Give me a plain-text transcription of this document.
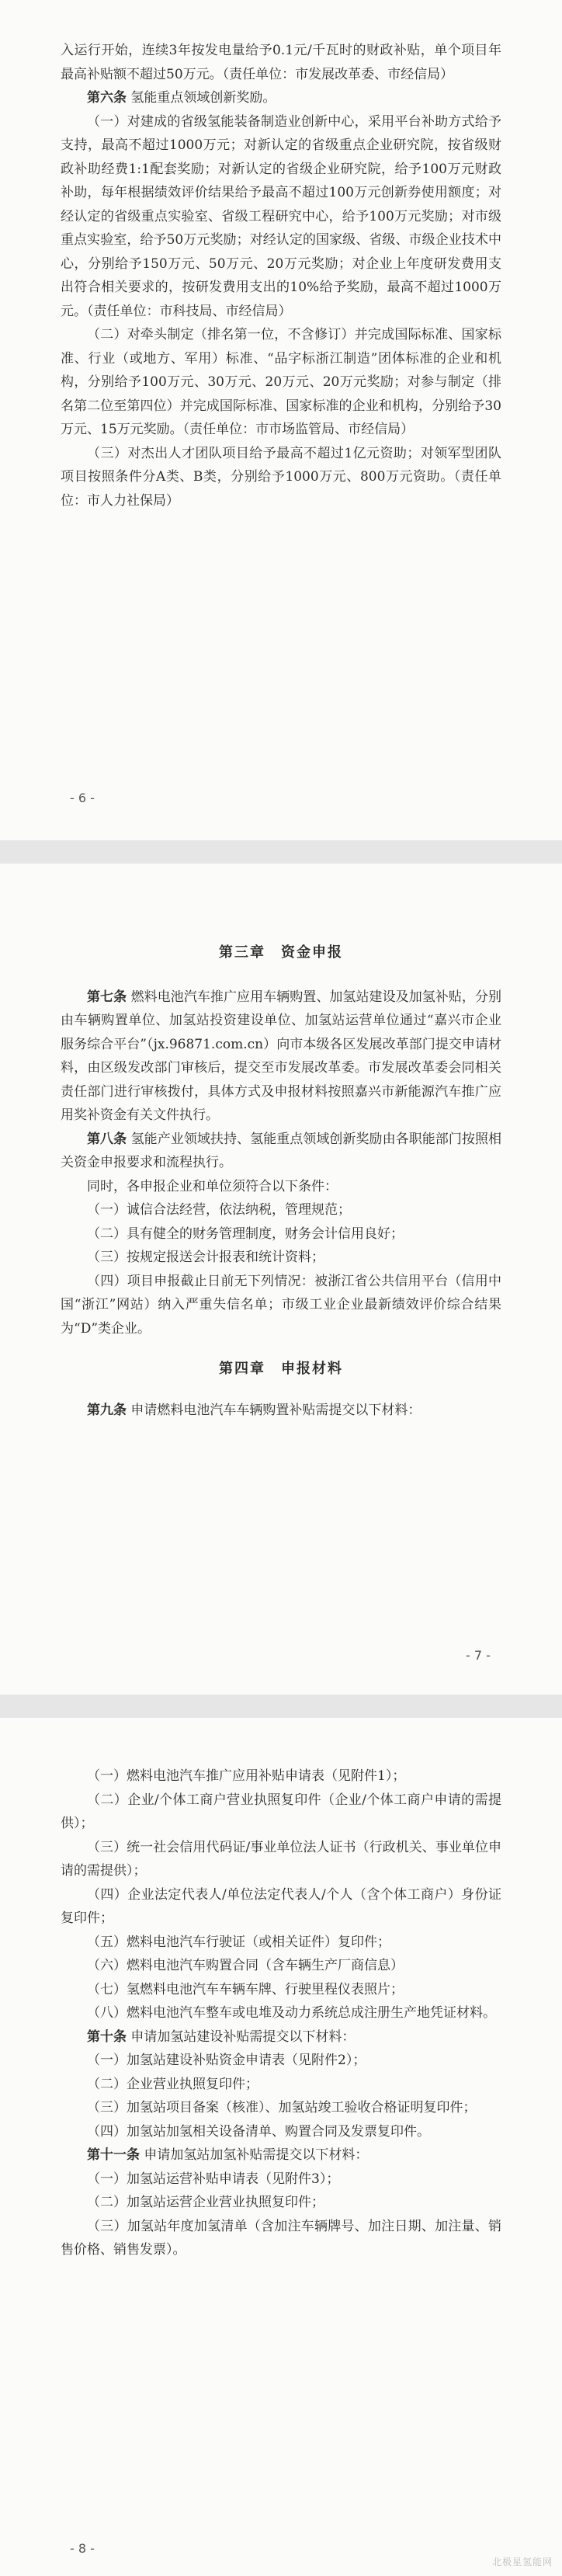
入运行开始，连续3年按发电量给予0.1元/千瓦时的财政补贴，单个项目年最高补贴额不超过50万元。（责任单位：市发展改革委、市经信局）

第六条 氢能重点领域创新奖励。

（一）对建成的省级氢能装备制造业创新中心，采用平台补助方式给予支持，最高不超过1000万元；对新认定的省级重点企业研究院，按省级财政补助经费1:1配套奖励；对新认定的省级企业研究院，给予100万元财政补助，每年根据绩效评价结果给予最高不超过100万元创新券使用额度；对经认定的省级重点实验室、省级工程研究中心，给予100万元奖励；对市级重点实验室，给予50万元奖励；对经认定的国家级、省级、市级企业技术中心，分别给予150万元、50万元、20万元奖励；对企业上年度研发费用支出符合相关要求的，按研发费用支出的10%给予奖励，最高不超过1000万元。（责任单位：市科技局、市经信局）

（二）对牵头制定（排名第一位，不含修订）并完成国际标准、国家标准、行业（或地方、军用）标准、“品字标浙江制造”团体标准的企业和机构，分别给予100万元、30万元、20万元、20万元奖励；对参与制定（排名第二位至第四位）并完成国际标准、国家标准的企业和机构，分别给予30万元、15万元奖励。（责任单位：市市场监管局、市经信局）

（三）对杰出人才团队项目给予最高不超过1亿元资助；对领军型团队项目按照条件分A类、B类，分别给予1000万元、800万元资助。（责任单位：市人力社保局）

- 6 -

第三章　资金申报

第七条 燃料电池汽车推广应用车辆购置、加氢站建设及加氢补贴，分别由车辆购置单位、加氢站投资建设单位、加氢站运营单位通过“嘉兴市企业服务综合平台”（jx.96871.com.cn）向市本级各区发展改革部门提交申请材料，由区级发改部门审核后，提交至市发展改革委。市发展改革委会同相关责任部门进行审核拨付，具体方式及申报材料按照嘉兴市新能源汽车推广应用奖补资金有关文件执行。

第八条 氢能产业领域扶持、氢能重点领域创新奖励由各职能部门按照相关资金申报要求和流程执行。

同时，各申报企业和单位须符合以下条件：

（一）诚信合法经营，依法纳税，管理规范；

（二）具有健全的财务管理制度，财务会计信用良好；

（三）按规定报送会计报表和统计资料；

（四）项目申报截止日前无下列情况：被浙江省公共信用平台（信用中国“浙江”网站）纳入严重失信名单；市级工业企业最新绩效评价综合结果为“D”类企业。

第四章　申报材料

第九条 申请燃料电池汽车车辆购置补贴需提交以下材料：

- 7 -

（一）燃料电池汽车推广应用补贴申请表（见附件1）；

（二）企业/个体工商户营业执照复印件（企业/个体工商户申请的需提供）；

（三）统一社会信用代码证/事业单位法人证书（行政机关、事业单位申请的需提供）；

（四）企业法定代表人/单位法定代表人/个人（含个体工商户）身份证复印件；

（五）燃料电池汽车行驶证（或相关证件）复印件；

（六）燃料电池汽车购置合同（含车辆生产厂商信息）

（七）氢燃料电池汽车车辆车牌、行驶里程仪表照片；

（八）燃料电池汽车整车或电堆及动力系统总成注册生产地凭证材料。

第十条 申请加氢站建设补贴需提交以下材料：

（一）加氢站建设补贴资金申请表（见附件2）；

（二）企业营业执照复印件；

（三）加氢站项目备案（核准）、加氢站竣工验收合格证明复印件；

（四）加氢站加氢相关设备清单、购置合同及发票复印件。

第十一条 申请加氢站加氢补贴需提交以下材料：

（一）加氢站运营补贴申请表（见附件3）；

（二）加氢站运营企业营业执照复印件；

（三）加氢站年度加氢清单（含加注车辆牌号、加注日期、加注量、销售价格、销售发票）。

- 8 -
北极星氢能网
